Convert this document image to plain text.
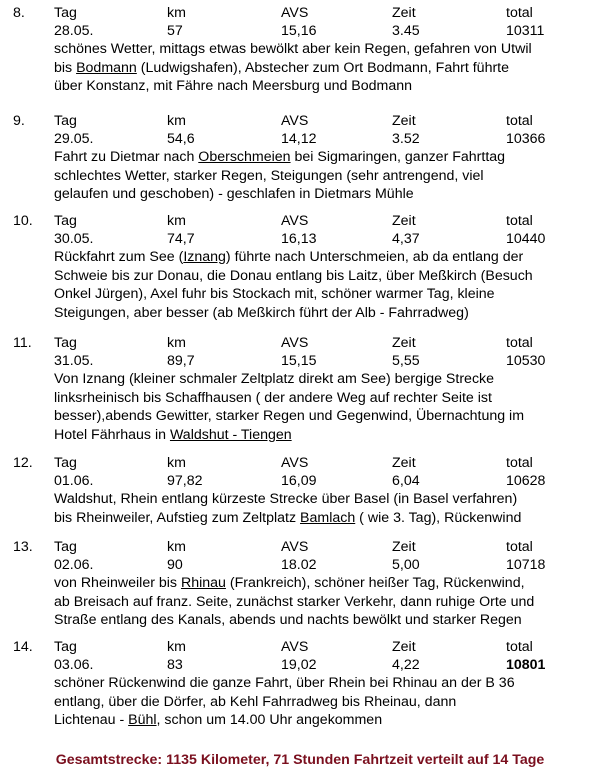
8. Tag	km	AVS	Zeit	total
28.05.	57	15,16	3.45	10311
schönes Wetter, mittags etwas bewölkt aber kein Regen, gefahren von Utwil
bis Bodmann (Ludwigshafen), Abstecher zum Ort Bodmann, Fahrt führte
über Konstanz, mit Fähre nach Meersburg und Bodmann
9. Tag	km	AVS	Zeit	total
29.05.	54,6	14,12	3.52	10366
Fahrt zu Dietmar nach Oberschmeien bei Sigmaringen, ganzer Fahrttag
schlechtes Wetter, starker Regen, Steigungen (sehr antrengend, viel
gelaufen und geschoben) - geschlafen in Dietmars Mühle
10. Tag	km	AVS	Zeit	total
30.05.	74,7	16,13	4,37	10440
Rückfahrt zum See (Iznang) führte nach Unterschmeien, ab da entlang der
Schweie bis zur Donau, die Donau entlang bis Laitz, über Meßkirch (Besuch
Onkel Jürgen), Axel fuhr bis Stockach mit, schöner warmer Tag, kleine
Steigungen, aber besser (ab Meßkirch führt der Alb - Fahrradweg)
11. Tag	km	AVS	Zeit	total
31.05.	89,7	15,15	5,55	10530
Von Iznang (kleiner schmaler Zeltplatz direkt am See) bergige Strecke
linksrheinisch bis Schaffhausen ( der andere Weg auf rechter Seite ist
besser),abends Gewitter, starker Regen und Gegenwind, Übernachtung im
Hotel Fährhaus in Waldshut - Tiengen
12. Tag	km	AVS	Zeit	total
01.06.	97,82	16,09	6,04	10628
Waldshut, Rhein entlang kürzeste Strecke über Basel (in Basel verfahren)
bis Rheinweiler, Aufstieg zum Zeltplatz Bamlach ( wie 3. Tag), Rückenwind
13. Tag	km	AVS	Zeit	total
02.06.	90	18.02	5,00	10718
von Rheinweiler bis Rhinau (Frankreich), schöner heißer Tag, Rückenwind,
ab Breisach auf franz. Seite, zunächst starker Verkehr, dann ruhige Orte und
Straße entlang des Kanals, abends und nachts bewölkt und starker Regen
14. Tag	km	AVS	Zeit	total
03.06.	83	19,02	4,22	10801
schöner Rückenwind die ganze Fahrt, über Rhein bei Rhinau an der B 36
entlang, über die Dörfer, ab Kehl Fahrradweg bis Rheinau, dann
Lichtenau - Bühl, schon um 14.00 Uhr angekommen
Gesamtstrecke: 1135 Kilometer, 71 Stunden Fahrtzeit verteilt auf 14 Tage
